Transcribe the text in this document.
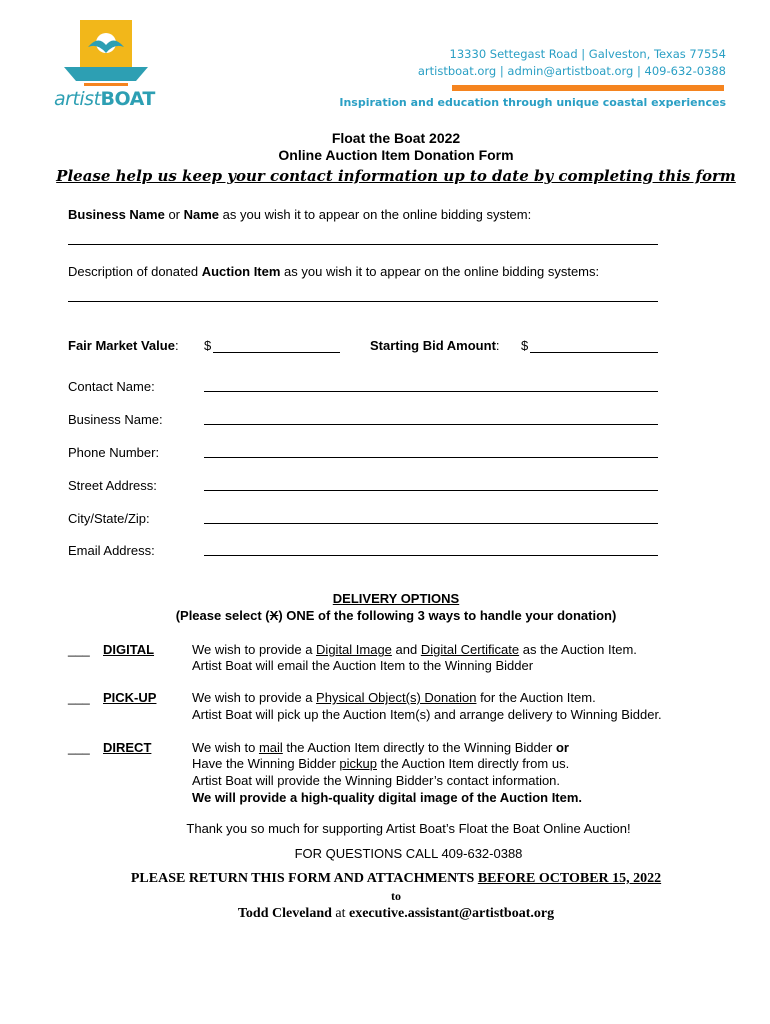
artistBOAT
13330 Settegast Road | Galveston, Texas 77554
artistboat.org | admin@artistboat.org | 409-632-0388
Inspiration and education through unique coastal experiences
Float the Boat 2022
Online Auction Item Donation Form
Please help us keep your contact information up to date by completing this form
Business Name or Name as you wish it to appear on the online bidding system:
Description of donated Auction Item as you wish it to appear on the online bidding systems:
Fair Market Value: $	Starting Bid Amount: $
Contact Name:
Business Name:
Phone Number:
Street Address:
City/State/Zip:
Email Address:
DELIVERY OPTIONS
(Please select (X) ONE of the following 3 ways to handle your donation)
___ DIGITAL	We wish to provide a Digital Image and Digital Certificate as the Auction Item.
Artist Boat will email the Auction Item to the Winning Bidder
___ PICK-UP	We wish to provide a Physical Object(s) Donation for the Auction Item.
Artist Boat will pick up the Auction Item(s) and arrange delivery to Winning Bidder.
___ DIRECT	We wish to mail the Auction Item directly to the Winning Bidder or
Have the Winning Bidder pickup the Auction Item directly from us.
Artist Boat will provide the Winning Bidder’s contact information.
We will provide a high-quality digital image of the Auction Item.
Thank you so much for supporting Artist Boat’s Float the Boat Online Auction!
FOR QUESTIONS CALL 409-632-0388
PLEASE RETURN THIS FORM AND ATTACHMENTS BEFORE OCTOBER 15, 2022
to
Todd Cleveland at executive.assistant@artistboat.org
